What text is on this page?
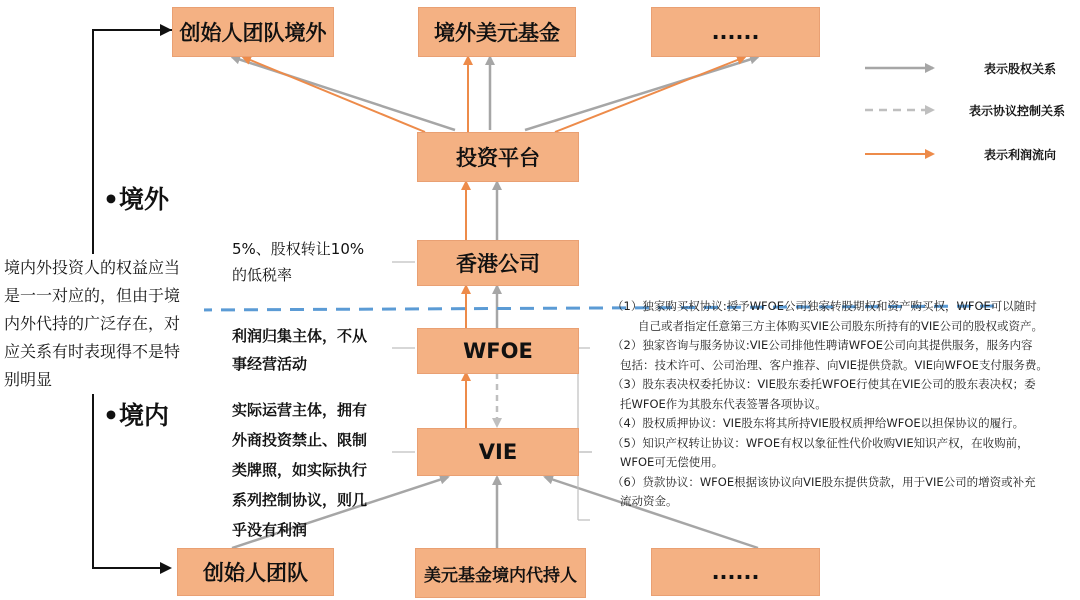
创始人团队境外	境外美元基金	......
投资平台
香港公司
WFOE
VIE
创始人团队	美元基金境内代持人	......
表示股权关系
表示协议控制关系
表示利润流向
•境外
•境内
境内外投资人的权益应当
是一一对应的，但由于境
内外代持的广泛存在，对
应关系有时表现得不是特
别明显
5%、股权转让10%
的低税率
利润归集主体，不从
事经营活动
实际运营主体，拥有
外商投资禁止、限制
类牌照，如实际执行
系列控制协议，则几
乎没有利润
（1）独家购买权协议:授予WFOE公司独家转股期权和资产购买权，WFOE可以随时
自己或者指定任意第三方主体购买VIE公司股东所持有的VIE公司的股权或资产。
（2）独家咨询与服务协议:VIE公司排他性聘请WFOE公司向其提供服务，服务内容
包括：技术许可、公司治理、客户推荐、向VIE提供贷款。VIE向WFOE支付服务费。
（3）股东表决权委托协议：VIE股东委托WFOE行使其在VIE公司的股东表决权；委
托WFOE作为其股东代表签署各项协议。
（4）股权质押协议：VIE股东将其所持VIE股权质押给WFOE以担保协议的履行。
（5）知识产权转让协议：WFOE有权以象征性代价收购VIE知识产权，在收购前，
WFOE可无偿使用。
（6）贷款协议：WFOE根据该协议向VIE股东提供贷款，用于VIE公司的增资或补充
流动资金。
